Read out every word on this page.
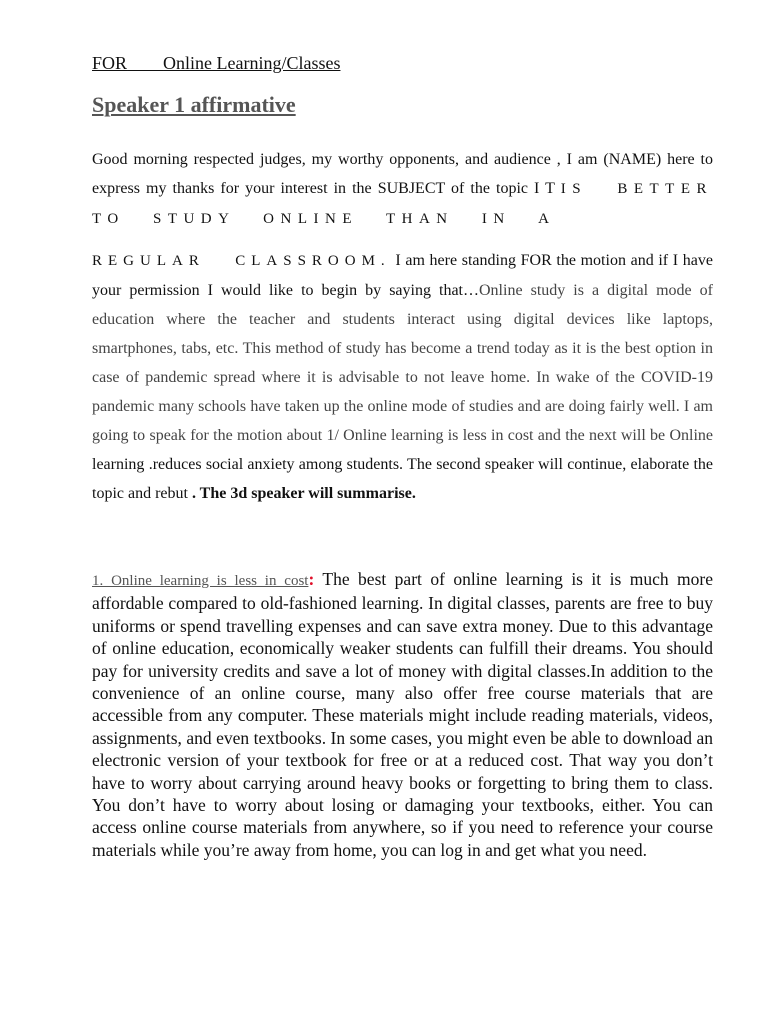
FOR Online Learning/Classes
Speaker 1 affirmative
Good morning respected judges, my worthy opponents, and audience , I am (NAME) here to express my thanks for your interest in the SUBJECT of the topic I T IS BETTER TO STUDY ONLINE THAN IN A
REGULAR CLASSROOM. I am here standing FOR the motion and if I have your permission I would like to begin by saying that…Online study is a digital mode of education where the teacher and students interact using digital devices like laptops, smartphones, tabs, etc. This method of study has become a trend today as it is the best option in case of pandemic spread where it is advisable to not leave home. In wake of the COVID-19 pandemic many schools have taken up the online mode of studies and are doing fairly well. I am going to speak for the motion about 1/ Online learning is less in cost and the next will be Online learning .reduces social anxiety among students. The second speaker will continue, elaborate the topic and rebut . The 3d speaker will summarise.
1. Online learning is less in cost: The best part of online learning is it is much more affordable compared to old-fashioned learning. In digital classes, parents are free to buy uniforms or spend travelling expenses and can save extra money. Due to this advantage of online education, economically weaker students can fulfill their dreams. You should pay for university credits and save a lot of money with digital classes.In addition to the convenience of an online course, many also offer free course materials that are accessible from any computer. These materials might include reading materials, videos, assignments, and even textbooks. In some cases, you might even be able to download an electronic version of your textbook for free or at a reduced cost. That way you don’t have to worry about carrying around heavy books or forgetting to bring them to class. You don’t have to worry about losing or damaging your textbooks, either. You can access online course materials from anywhere, so if you need to reference your course materials while you’re away from home, you can log in and get what you need.
